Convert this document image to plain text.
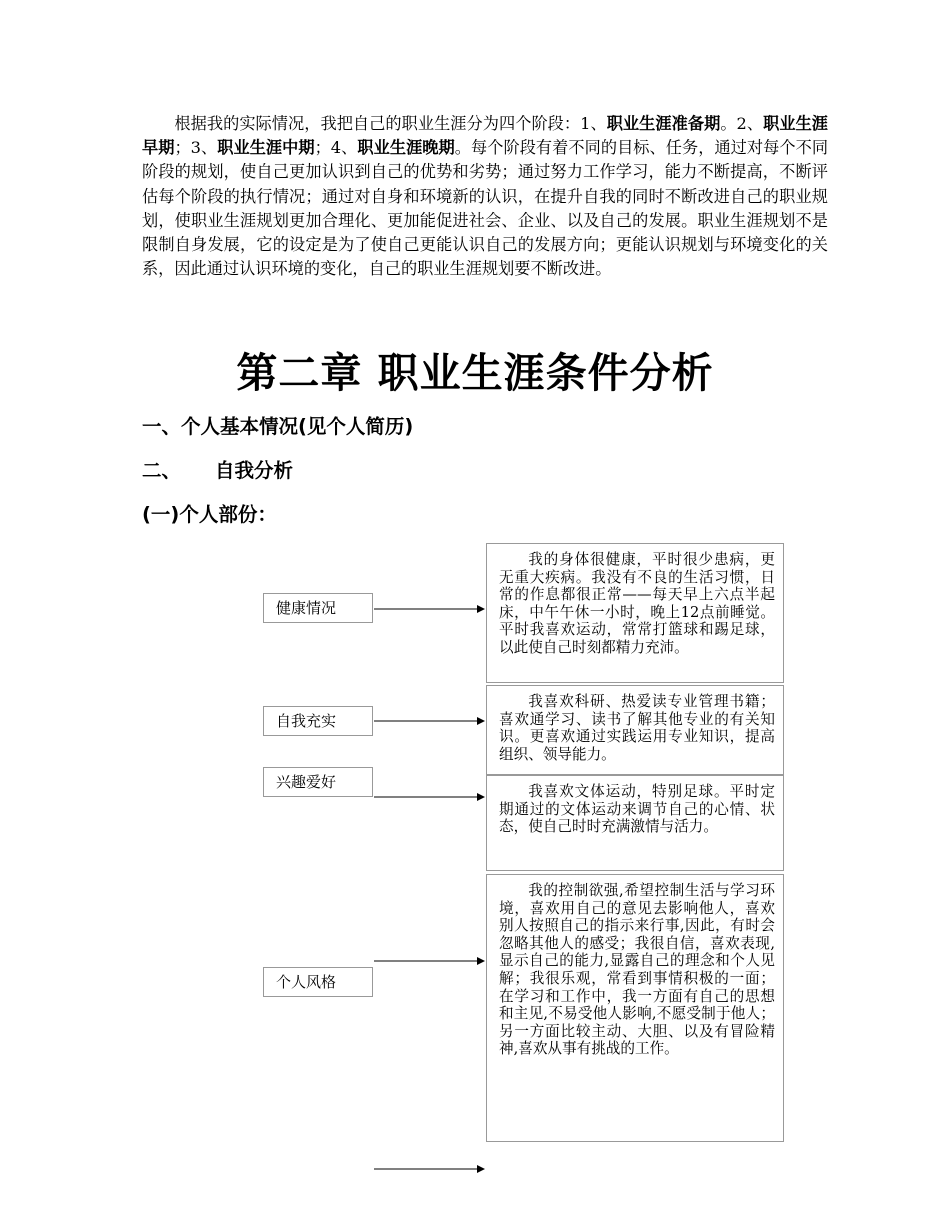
  根据我的实际情况，我把自己的职业生涯分为四个阶段：1、职业生涯准备期。2、职业生涯早期；3、职业生涯中期；4、职业生涯晚期。每个阶段有着不同的目标、任务，通过对每个不同阶段的规划，使自己更加认识到自己的优势和劣势；通过努力工作学习，能力不断提高，不断评估每个阶段的执行情况；通过对自身和环境新的认识，在提升自我的同时不断改进自己的职业规划，使职业生涯规划更加合理化、更加能促进社会、企业、以及自己的发展。职业生涯规划不是限制自身发展，它的设定是为了使自己更能认识自己的发展方向；更能认识规划与环境变化的关系，因此通过认识环境的变化，自己的职业生涯规划要不断改进。

第二章 职业生涯条件分析
一、个人基本情况(见个人简历)
二、 自我分析
(一)个人部份：
健康情况
自我充实
兴趣爱好
个人风格

我的身体很健康，平时很少患病，更无重大疾病。我没有不良的生活习惯，日常的作息都很正常——每天早上六点半起床，中午午休一小时，晚上12点前睡觉。平时我喜欢运动，常常打篮球和踢足球，以此使自己时刻都精力充沛。

我喜欢科研、热爱读专业管理书籍；喜欢通学习、读书了解其他专业的有关知识。更喜欢通过实践运用专业知识，提高组织、领导能力。

我喜欢文体运动，特别足球。平时定期通过的文体运动来调节自己的心情、状态，使自己时时充满激情与活力。

我的控制欲强,希望控制生活与学习环境，喜欢用自己的意见去影响他人，喜欢别人按照自己的指示来行事,因此，有时会忽略其他人的感受；我很自信，喜欢表现,显示自己的能力,显露自己的理念和个人见解；我很乐观，常看到事情积极的一面；在学习和工作中，我一方面有自己的思想和主见,不易受他人影响,不愿受制于他人；另一方面比较主动、大胆、以及有冒险精神,喜欢从事有挑战的工作。
